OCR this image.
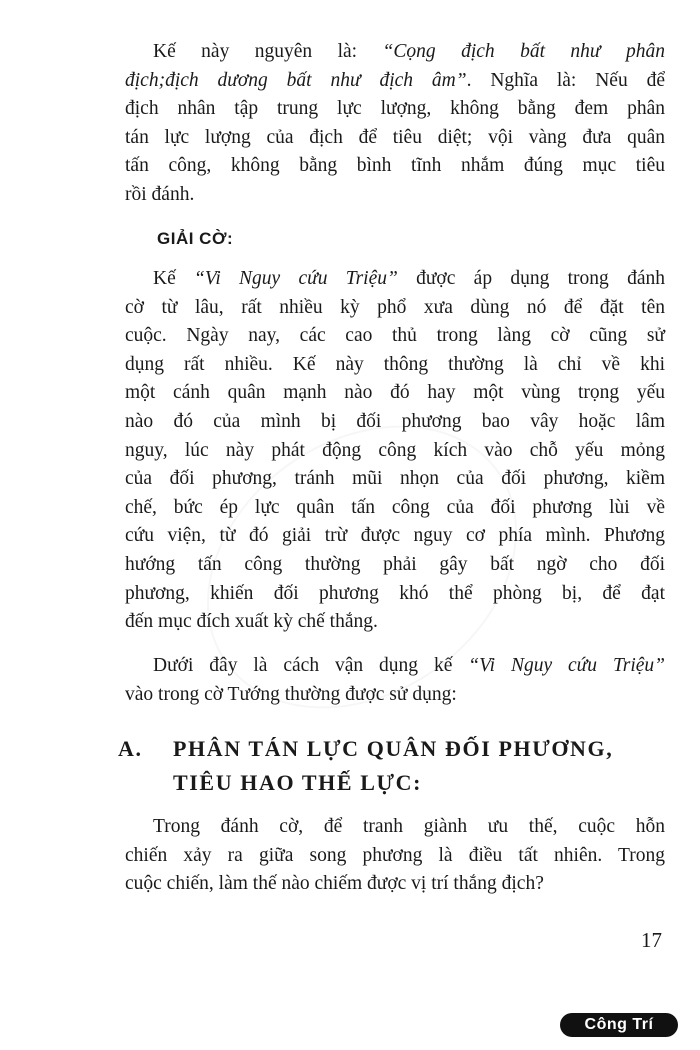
Kế này nguyên là: “Cọng địch bất như phân
địch;địch dương bất như địch âm”. Nghĩa là: Nếu để
địch nhân tập trung lực lượng, không bằng đem phân
tán lực lượng của địch để tiêu diệt; vội vàng đưa quân
tấn công, không bằng bình tĩnh nhắm đúng mục tiêu
rồi đánh.

GIẢI CỜ:

Kế “Vi Nguy cứu Triệu” được áp dụng trong đánh
cờ từ lâu, rất nhiều kỳ phổ xưa dùng nó để đặt tên
cuộc. Ngày nay, các cao thủ trong làng cờ cũng sử
dụng rất nhiều. Kế này thông thường là chỉ về khi
một cánh quân mạnh nào đó hay một vùng trọng yếu
nào đó của mình bị đối phương bao vây hoặc lâm
nguy, lúc này phát động công kích vào chỗ yếu mỏng
của đối phương, tránh mũi nhọn của đối phương, kiềm
chế, bức ép lực quân tấn công của đối phương lùi về
cứu viện, từ đó giải trừ được nguy cơ phía mình. Phương
hướng tấn công thường phải gây bất ngờ cho đối
phương, khiến đối phương khó thể phòng bị, để đạt
đến mục đích xuất kỳ chế thắng.

Dưới đây là cách vận dụng kế “Vi Nguy cứu Triệu”
vào trong cờ Tướng thường được sử dụng:

A.	PHÂN TÁN LỰC QUÂN ĐỐI PHƯƠNG,
TIÊU HAO THẾ LỰC:

Trong đánh cờ, để tranh giành ưu thế, cuộc hỗn
chiến xảy ra giữa song phương là điều tất nhiên. Trong
cuộc chiến, làm thế nào chiếm được vị trí thắng địch?

17

Công Trí
